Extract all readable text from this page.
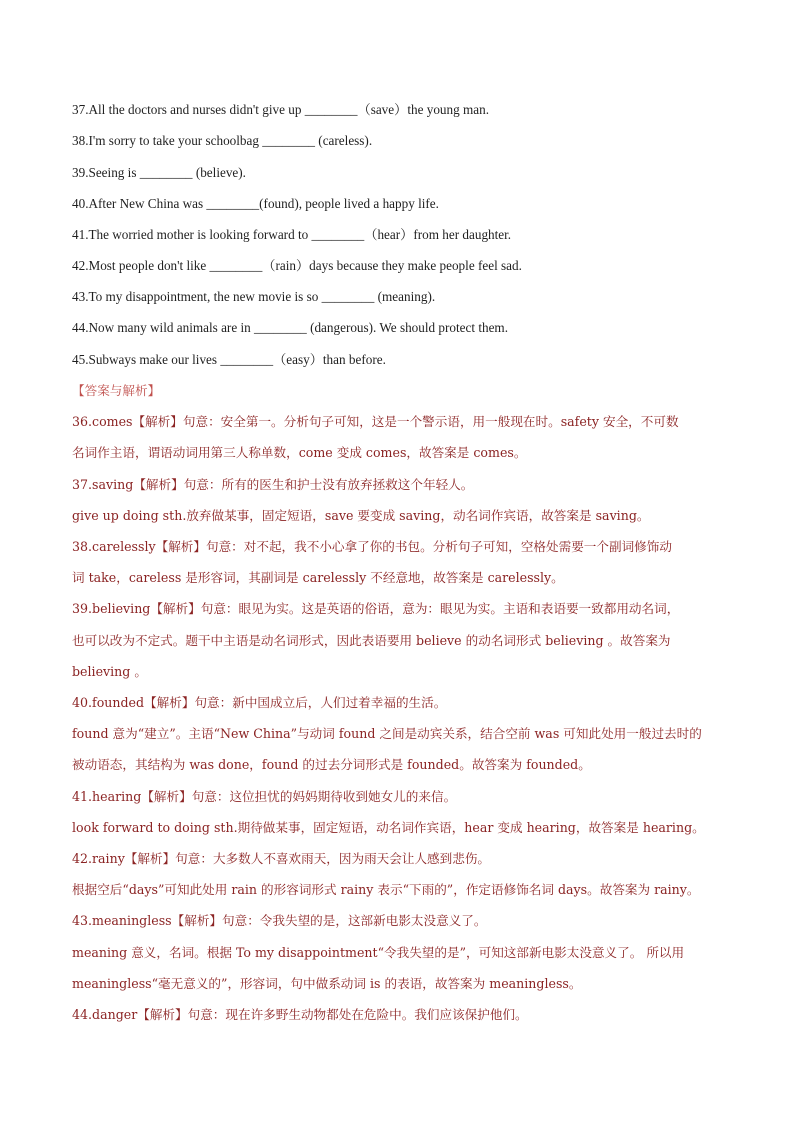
37.All the doctors and nurses didn't give up ________（save）the young man.
38.I'm sorry to take your schoolbag ________ (careless).
39.Seeing is ________ (believe).
40.After New China was ________(found), people lived a happy life.
41.The worried mother is looking forward to ________（hear）from her daughter.
42.Most people don't like ________（rain）days because they make people feel sad.
43.To my disappointment, the new movie is so ________ (meaning).
44.Now many wild animals are in ________ (dangerous). We should protect them.
45.Subways make our lives ________（easy）than before.
【答案与解析】
36.comes【解析】句意：安全第一。分析句子可知，这是一个警示语，用一般现在时。safety 安全，不可数
名词作主语，谓语动词用第三人称单数，come 变成 comes，故答案是 comes。
37.saving【解析】句意：所有的医生和护士没有放弃拯救这个年轻人。
give up doing sth.放弃做某事，固定短语，save 要变成 saving，动名词作宾语，故答案是 saving。
38.carelessly【解析】句意：对不起，我不小心拿了你的书包。分析句子可知，空格处需要一个副词修饰动
词 take，careless 是形容词，其副词是 carelessly 不经意地，故答案是 carelessly。
39.believing【解析】句意：眼见为实。这是英语的俗语，意为：眼见为实。主语和表语要一致都用动名词，
也可以改为不定式。题干中主语是动名词形式，因此表语要用 believe 的动名词形式 believing 。故答案为
believing 。
40.founded【解析】句意：新中国成立后，人们过着幸福的生活。
found 意为“建立”。主语“New China”与动词 found 之间是动宾关系，结合空前 was 可知此处用一般过去时的
被动语态，其结构为 was done，found 的过去分词形式是 founded。故答案为 founded。
41.hearing【解析】句意：这位担忧的妈妈期待收到她女儿的来信。
look forward to doing sth.期待做某事，固定短语，动名词作宾语，hear 变成 hearing，故答案是 hearing。
42.rainy【解析】句意：大多数人不喜欢雨天，因为雨天会让人感到悲伤。
根据空后“days”可知此处用 rain 的形容词形式 rainy 表示“下雨的”，作定语修饰名词 days。故答案为 rainy。
43.meaningless【解析】句意：令我失望的是，这部新电影太没意义了。
meaning 意义，名词。根据 To my disappointment“令我失望的是”，可知这部新电影太没意义了。 所以用
meaningless“毫无意义的”，形容词，句中做系动词 is 的表语，故答案为 meaningless。
44.danger【解析】句意：现在许多野生动物都处在危险中。我们应该保护他们。
